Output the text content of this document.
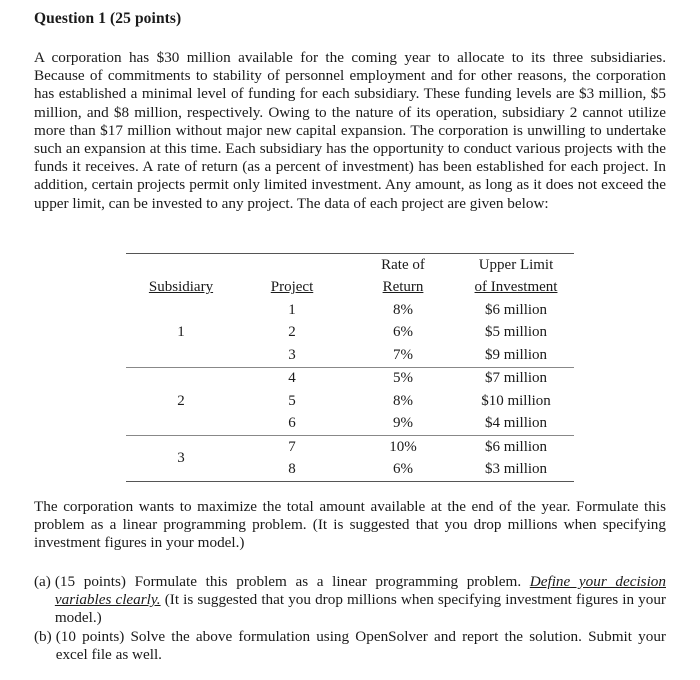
Question 1 (25 points)
A corporation has $30 million available for the coming year to allocate to its three subsidiaries. Because of commitments to stability of personnel employment and for other reasons, the corporation has established a minimal level of funding for each subsidiary. These funding levels are $3 million, $5 million, and $8 million, respectively. Owing to the nature of its operation, subsidiary 2 cannot utilize more than $17 million without major new capital expansion. The corporation is unwilling to undertake such an expansion at this time. Each subsidiary has the opportunity to conduct various projects with the funds it receives. A rate of return (as a percent of investment) has been established for each project. In addition, certain projects permit only limited investment. Any amount, as long as it does not exceed the upper limit, can be invested to any project. The data of each project are given below:
		Rate of	Upper Limit
Subsidiary	Project	Return	of Investment
1	1	8%	$6 million
	2	6%	$5 million
	3	7%	$9 million
2	4	5%	$7 million
	5	8%	$10 million
	6	9%	$4 million
3	7	10%	$6 million
	8	6%	$3 million
The corporation wants to maximize the total amount available at the end of the year. Formulate this problem as a linear programming problem. (It is suggested that you drop millions when specifying investment figures in your model.)
(a) (15 points) Formulate this problem as a linear programming problem. Define your decision variables clearly. (It is suggested that you drop millions when specifying investment figures in your model.)
(b) (10 points) Solve the above formulation using OpenSolver and report the solution. Submit your excel file as well.
